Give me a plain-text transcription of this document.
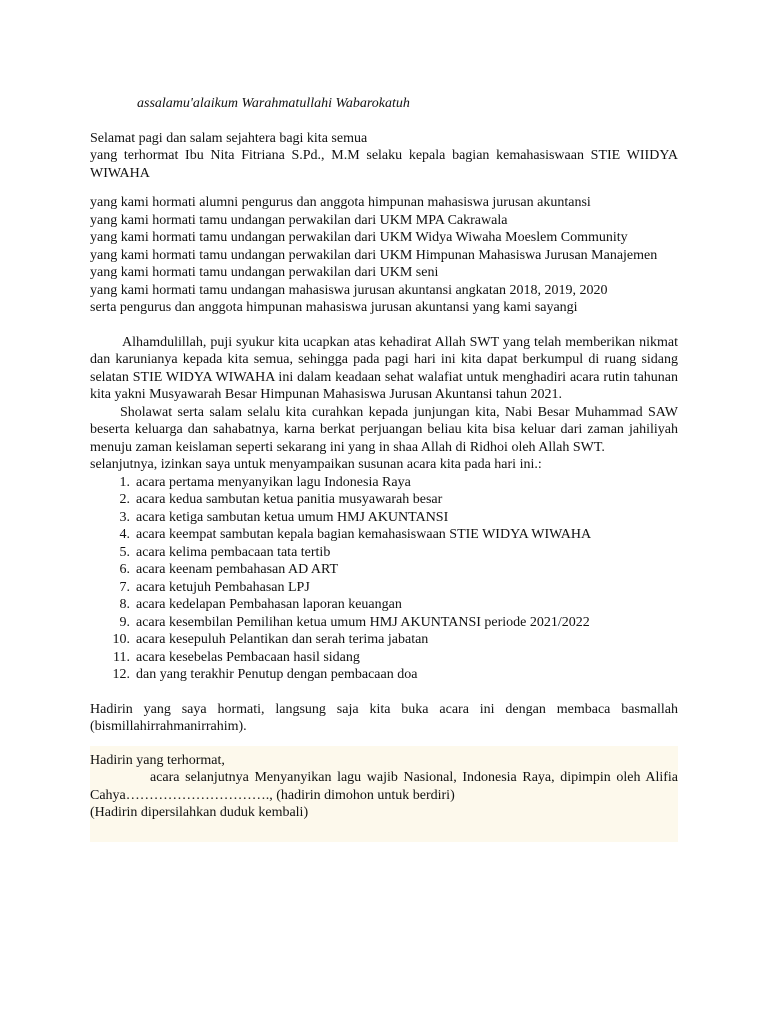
assalamu'alaikum Warahmatullahi Wabarokatuh

Selamat pagi dan salam sejahtera bagi kita semua

yang terhormat Ibu Nita Fitriana S.Pd., M.M selaku kepala bagian kemahasiswaan STIE WIIDYA WIWAHA

yang kami hormati alumni pengurus dan anggota himpunan mahasiswa jurusan akuntansi

yang kami hormati tamu undangan perwakilan dari UKM MPA Cakrawala

yang kami hormati tamu undangan perwakilan dari UKM Widya Wiwaha Moeslem Community

yang kami hormati tamu undangan perwakilan dari UKM Himpunan Mahasiswa Jurusan Manajemen

yang kami hormati tamu undangan perwakilan dari UKM seni

yang kami hormati tamu undangan mahasiswa jurusan akuntansi angkatan 2018, 2019, 2020

serta pengurus dan anggota himpunan mahasiswa jurusan akuntansi yang kami sayangi

Alhamdulillah, puji syukur kita ucapkan atas kehadirat Allah SWT yang telah memberikan nikmat dan karunianya kepada kita semua, sehingga pada pagi hari ini kita dapat berkumpul di ruang sidang selatan STIE WIDYA WIWAHA ini dalam keadaan sehat walafiat untuk menghadiri acara rutin tahunan kita yakni Musyawarah Besar Himpunan Mahasiswa Jurusan Akuntansi tahun 2021.

Sholawat serta salam selalu kita curahkan kepada junjungan kita, Nabi Besar Muhammad SAW beserta keluarga dan sahabatnya, karna berkat perjuangan beliau kita bisa keluar dari zaman jahiliyah menuju zaman keislaman seperti sekarang ini yang in shaa Allah di Ridhoi oleh Allah SWT.

selanjutnya, izinkan saya untuk menyampaikan susunan acara kita pada hari ini.:

1. acara pertama menyanyikan lagu Indonesia Raya
2. acara kedua sambutan ketua panitia musyawarah besar
3. acara ketiga sambutan ketua umum HMJ AKUNTANSI
4. acara keempat sambutan kepala bagian kemahasiswaan STIE WIDYA WIWAHA
5. acara kelima pembacaan tata tertib
6. acara keenam pembahasan AD ART
7. acara ketujuh Pembahasan LPJ
8. acara kedelapan Pembahasan laporan keuangan
9. acara kesembilan Pemilihan ketua umum HMJ AKUNTANSI periode 2021/2022
10. acara kesepuluh Pelantikan dan serah terima jabatan
11. acara kesebelas Pembacaan hasil sidang
12. dan yang terakhir Penutup dengan pembacaan doa

Hadirin yang saya hormati, langsung saja kita buka acara ini dengan membaca basmallah (bismillahirrahmanirrahim).

Hadirin yang terhormat,

acara selanjutnya Menyanyikan lagu wajib Nasional, Indonesia Raya, dipimpin oleh Alifia Cahya…………………………., (hadirin dimohon untuk berdiri)

(Hadirin dipersilahkan duduk kembali)
